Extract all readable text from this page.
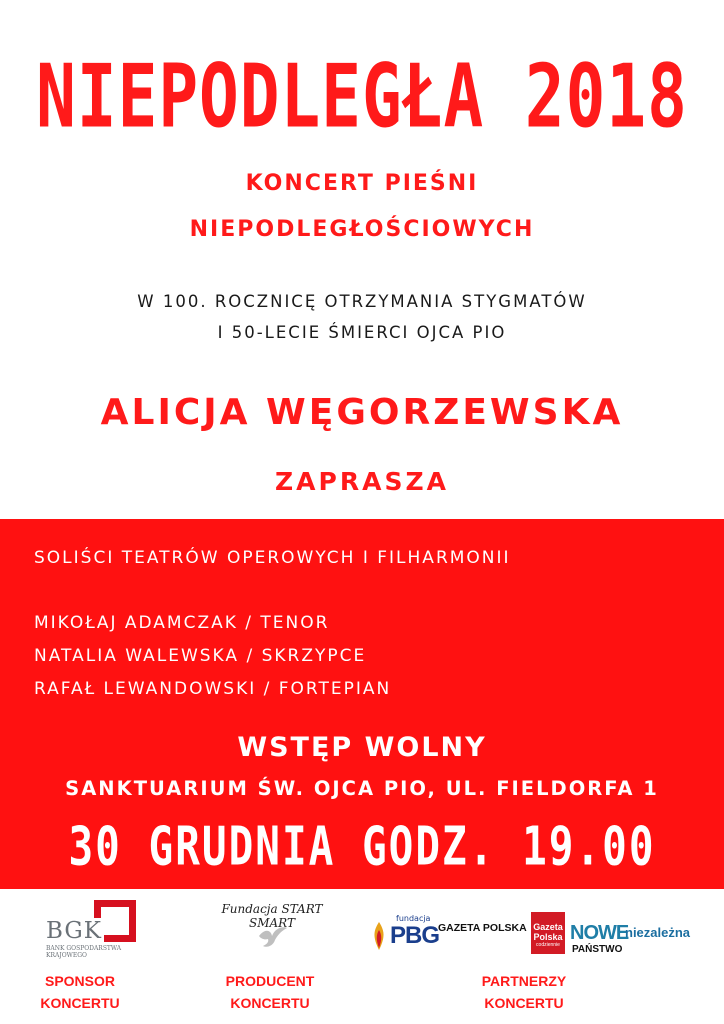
NIEPODLEGŁA 2018
KONCERT PIEŚNI
NIEPODLEGŁOŚCIOWYCH
W 100. ROCZNICĘ OTRZYMANIA STYGMATÓW
I 50-LECIE ŚMIERCI OJCA PIO
ALICJA WĘGORZEWSKA
ZAPRASZA
SOLIŚCI TEATRÓW OPEROWYCH I FILHARMONII
MIKOŁAJ ADAMCZAK / TENOR
NATALIA WALEWSKA / SKRZYPCE
RAFAŁ LEWANDOWSKI / FORTEPIAN
WSTĘP WOLNY
SANKTUARIUM ŚW. OJCA PIO, UL. FIELDORFA 1
30 GRUDNIA GODZ. 19.00
BGK
BANK GOSPODARSTWA KRAJOWEGO
Fundacja START SMART	fundacja
PBG
GAZETA POLSKA Gazeta Polska
codziennie
NOWE
PAŃSTWO
niezależna
SPONSOR
KONCERTU
PRODUCENT
KONCERTU
PARTNERZY
KONCERTU
